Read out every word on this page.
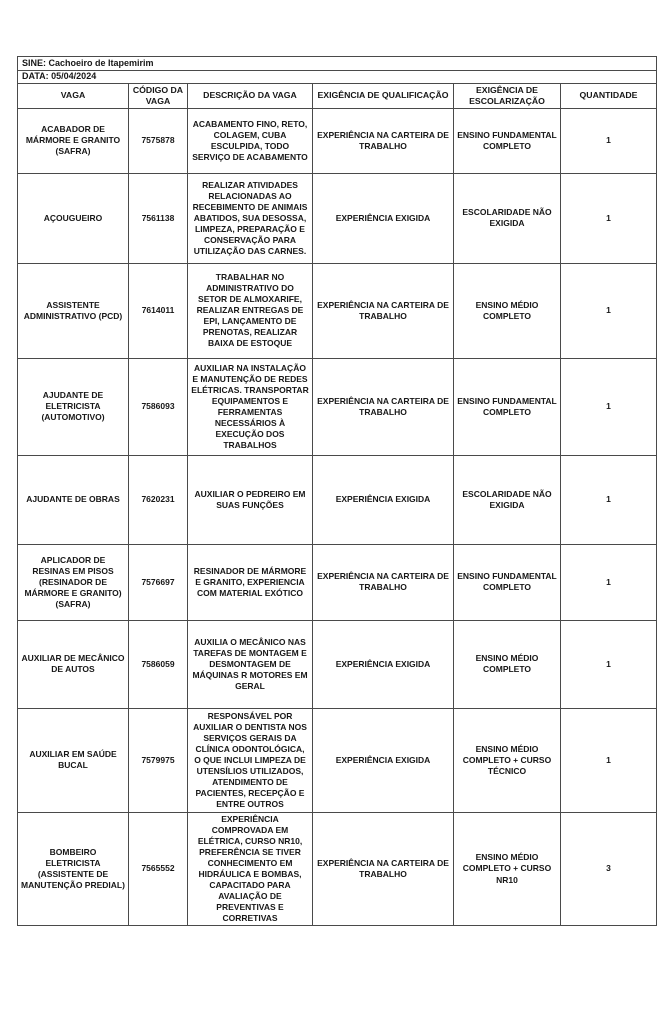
SINE: Cachoeiro de Itapemirim					
DATA: 05/04/2024					
VAGA	CÓDIGO DA VAGA	DESCRIÇÃO DA VAGA	EXIGÊNCIA DE QUALIFICAÇÃO	EXIGÊNCIA DE ESCOLARIZAÇÃO	QUANTIDADE
ACABADOR DE MÁRMORE E GRANITO (SAFRA)	7575878	ACABAMENTO FINO, RETO, COLAGEM, CUBA ESCULPIDA, TODO SERVIÇO DE ACABAMENTO	EXPERIÊNCIA NA CARTEIRA DE TRABALHO	ENSINO FUNDAMENTAL COMPLETO	1
AÇOUGUEIRO	7561138	REALIZAR ATIVIDADES RELACIONADAS AO RECEBIMENTO DE ANIMAIS ABATIDOS, SUA DESOSSA, LIMPEZA, PREPARAÇÃO E CONSERVAÇÃO PARA UTILIZAÇÃO DAS CARNES.	EXPERIÊNCIA EXIGIDA	ESCOLARIDADE NÃO EXIGIDA	1
ASSISTENTE ADMINISTRATIVO (PCD)	7614011	TRABALHAR NO ADMINISTRATIVO DO SETOR DE ALMOXARIFE, REALIZAR ENTREGAS DE EPI, LANÇAMENTO DE PRENOTAS, REALIZAR BAIXA DE ESTOQUE	EXPERIÊNCIA NA CARTEIRA DE TRABALHO	ENSINO MÉDIO COMPLETO	1
AJUDANTE DE ELETRICISTA (AUTOMOTIVO)	7586093	AUXILIAR NA INSTALAÇÃO E MANUTENÇÃO DE REDES ELÉTRICAS. TRANSPORTAR EQUIPAMENTOS E FERRAMENTAS NECESSÁRIOS À EXECUÇÃO DOS TRABALHOS	EXPERIÊNCIA NA CARTEIRA DE TRABALHO	ENSINO FUNDAMENTAL COMPLETO	1
AJUDANTE DE OBRAS	7620231	AUXILIAR O PEDREIRO EM SUAS FUNÇÕES	EXPERIÊNCIA EXIGIDA	ESCOLARIDADE NÃO EXIGIDA	1
APLICADOR DE RESINAS EM PISOS (RESINADOR DE MÁRMORE E GRANITO) (SAFRA)	7576697	RESINADOR DE MÁRMORE E GRANITO, EXPERIENCIA COM MATERIAL EXÓTICO	EXPERIÊNCIA NA CARTEIRA DE TRABALHO	ENSINO FUNDAMENTAL COMPLETO	1
AUXILIAR DE MECÂNICO DE AUTOS	7586059	AUXILIA O MECÂNICO NAS TAREFAS DE MONTAGEM E DESMONTAGEM DE MÁQUINAS R MOTORES EM GERAL	EXPERIÊNCIA EXIGIDA	ENSINO MÉDIO COMPLETO	1
AUXILIAR EM SAÚDE BUCAL	7579975	RESPONSÁVEL POR AUXILIAR O DENTISTA NOS SERVIÇOS GERAIS DA CLÍNICA ODONTOLÓGICA, O QUE INCLUI LIMPEZA DE UTENSÍLIOS UTILIZADOS, ATENDIMENTO DE PACIENTES, RECEPÇÃO E ENTRE OUTROS	EXPERIÊNCIA EXIGIDA	ENSINO MÉDIO COMPLETO + CURSO TÉCNICO	1
BOMBEIRO ELETRICISTA (ASSISTENTE DE MANUTENÇÃO PREDIAL)	7565552	EXPERIÊNCIA COMPROVADA EM ELÉTRICA, CURSO NR10, PREFERÊNCIA SE TIVER CONHECIMENTO EM HIDRÁULICA E BOMBAS, CAPACITADO PARA AVALIAÇÃO DE PREVENTIVAS E CORRETIVAS	EXPERIÊNCIA NA CARTEIRA DE TRABALHO	ENSINO MÉDIO COMPLETO + CURSO NR10	3
